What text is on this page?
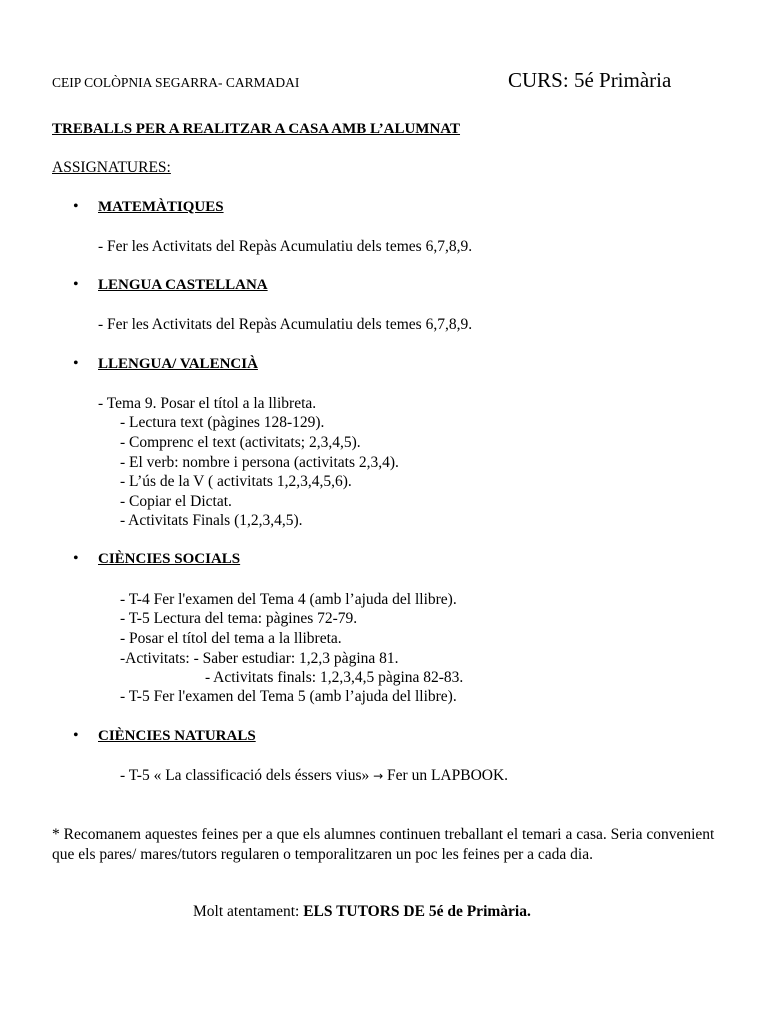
CEIP COLÒPNIA SEGARRA- CARMADAI	CURS: 5é Primària
TREBALLS PER A REALITZAR A CASA AMB L’ALUMNAT
ASSIGNATURES:
• MATEMÀTIQUES
- Fer les Activitats del Repàs Acumulatiu dels temes 6,7,8,9.
• LENGUA CASTELLANA
- Fer les Activitats del Repàs Acumulatiu dels temes 6,7,8,9.
• LLENGUA/ VALENCIÀ
- Tema 9. Posar el títol a la llibreta.
- Lectura text (pàgines 128-129).
- Comprenc el text (activitats; 2,3,4,5).
- El verb: nombre i persona (activitats 2,3,4).
- L’ús de la V ( activitats 1,2,3,4,5,6).
- Copiar el Dictat.
- Activitats Finals (1,2,3,4,5).
• CIÈNCIES SOCIALS
- T-4 Fer l'examen del Tema 4 (amb l’ajuda del llibre).
- T-5 Lectura del tema: pàgines 72-79.
- Posar el títol del tema a la llibreta.
-Activitats: - Saber estudiar: 1,2,3 pàgina 81.
- Activitats finals: 1,2,3,4,5 pàgina 82-83.
- T-5 Fer l'examen del Tema 5 (amb l’ajuda del llibre).
• CIÈNCIES NATURALS
- T-5 « La classificació dels éssers vius» → Fer un LAPBOOK.
* Recomanem aquestes feines per a que els alumnes continuen treballant el temari a casa. Seria convenient que els pares/ mares/tutors regularen o temporalitzaren un poc les feines per a cada dia.
Molt atentament: ELS TUTORS DE 5é de Primària.
